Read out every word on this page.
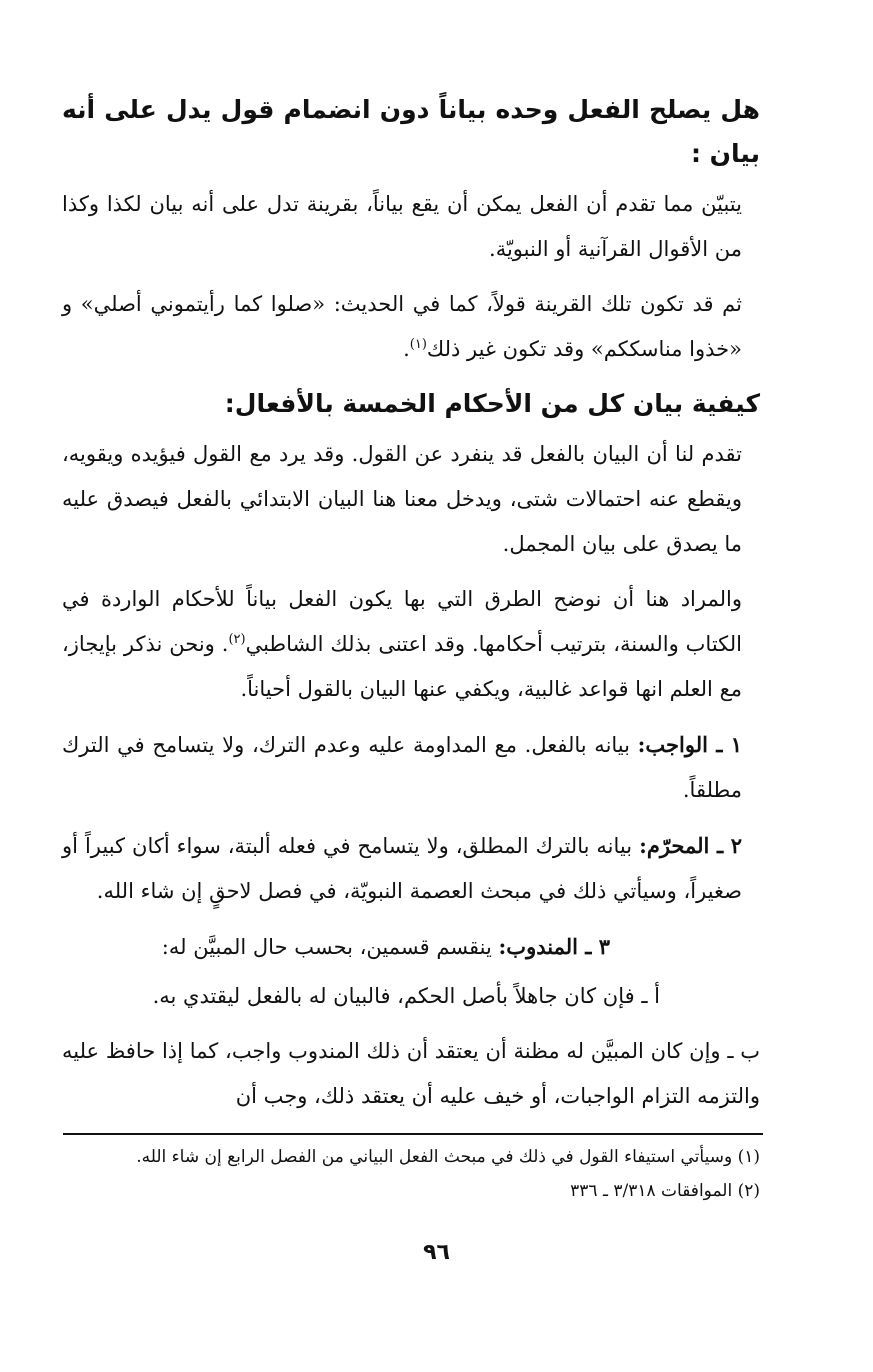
هل يصلح الفعل وحده بياناً دون انضمام قول يدل على أنه بيان :
يتبيّن مما تقدم أن الفعل يمكن أن يقع بياناً، بقرينة تدل على أنه بيان لكذا وكذا من الأقوال القرآنية أو النبويّة.
ثم قد تكون تلك القرينة قولاً، كما في الحديث: «صلوا كما رأيتموني أصلي» و «خذوا مناسككم» وقد تكون غير ذلك$^{(١)}$.
كيفية بيان كل من الأحكام الخمسة بالأفعال:
تقدم لنا أن البيان بالفعل قد ينفرد عن القول. وقد يرد مع القول فيؤيده ويقويه، ويقطع عنه احتمالات شتى، ويدخل معنا هنا البيان الابتدائي بالفعل فيصدق عليه ما يصدق على بيان المجمل.
والمراد هنا أن نوضح الطرق التي بها يكون الفعل بياناً للأحكام الواردة في الكتاب والسنة، بترتيب أحكامها. وقد اعتنى بذلك الشاطبي$^{(٢)}$. ونحن نذكر بإيجاز، مع العلم انها قواعد غالبية، ويكفي عنها البيان بالقول أحياناً.
١ ـ الواجب: بيانه بالفعل. مع المداومة عليه وعدم الترك، ولا يتسامح في الترك مطلقاً.
٢ ـ المحرّم: بيانه بالترك المطلق، ولا يتسامح في فعله ألبتة، سواء أكان كبيراً أو صغيراً، وسيأتي ذلك في مبحث العصمة النبويّة، في فصل لاحقٍ إن شاء الله.
٣ ـ المندوب: ينقسم قسمين، بحسب حال المبيَّن له:
أ ـ فإن كان جاهلاً بأصل الحكم، فالبيان له بالفعل ليقتدي به.
ب ـ وإن كان المبيَّن له مظنة أن يعتقد أن ذلك المندوب واجب، كما إذا حافظ عليه والتزمه التزام الواجبات، أو خيف عليه أن يعتقد ذلك، وجب أن
(١) وسيأتي استيفاء القول في ذلك في مبحث الفعل البياني من الفصل الرابع إن شاء الله.
(٢) الموافقات ٣/٣١٨ ـ ٣٣٦
٩٦
